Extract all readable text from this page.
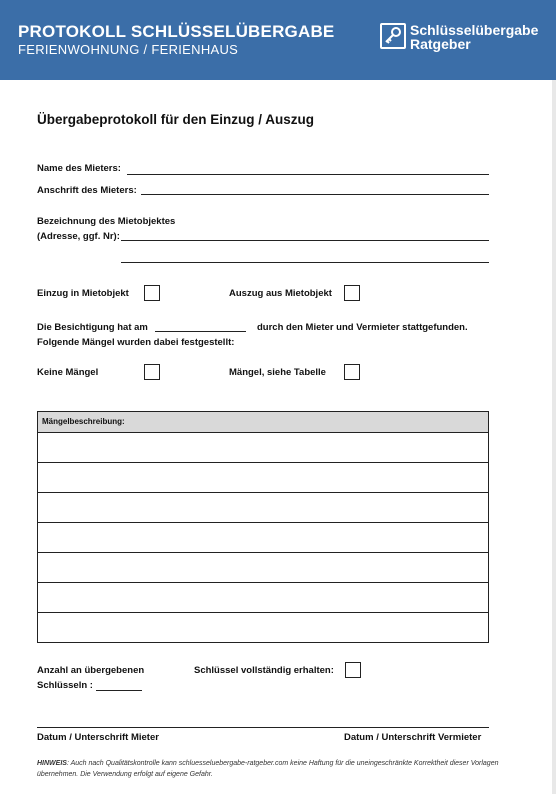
PROTOKOLL SCHLÜSSELÜBERGABE
FERIENWOHNUNG / FERIENHAUS
Schlüsselübergabe
Ratgeber
Übergabeprotokoll für den Einzug / Auszug
Name des Mieters:
Anschrift des Mieters:
Bezeichnung des Mietobjektes
(Adresse, ggf. Nr):
Einzug in Mietobjekt	Auszug aus Mietobjekt
Die Besichtigung hat am	durch den Mieter und Vermieter stattgefunden.
Folgende Mängel wurden dabei festgestellt:
Keine Mängel	Mängel, siehe Tabelle
Mängelbeschreibung:
Anzahl an übergebenen
Schlüsseln :
Schlüssel vollständig erhalten:
Datum / Unterschrift Mieter	Datum / Unterschrift Vermieter
HINWEIS: Auch nach Qualitätskontrolle kann schluesseluebergabe-ratgeber.com keine Haftung für die uneingeschränkte Korrektheit dieser Vorlagen übernehmen. Die Verwendung erfolgt auf eigene Gefahr.
